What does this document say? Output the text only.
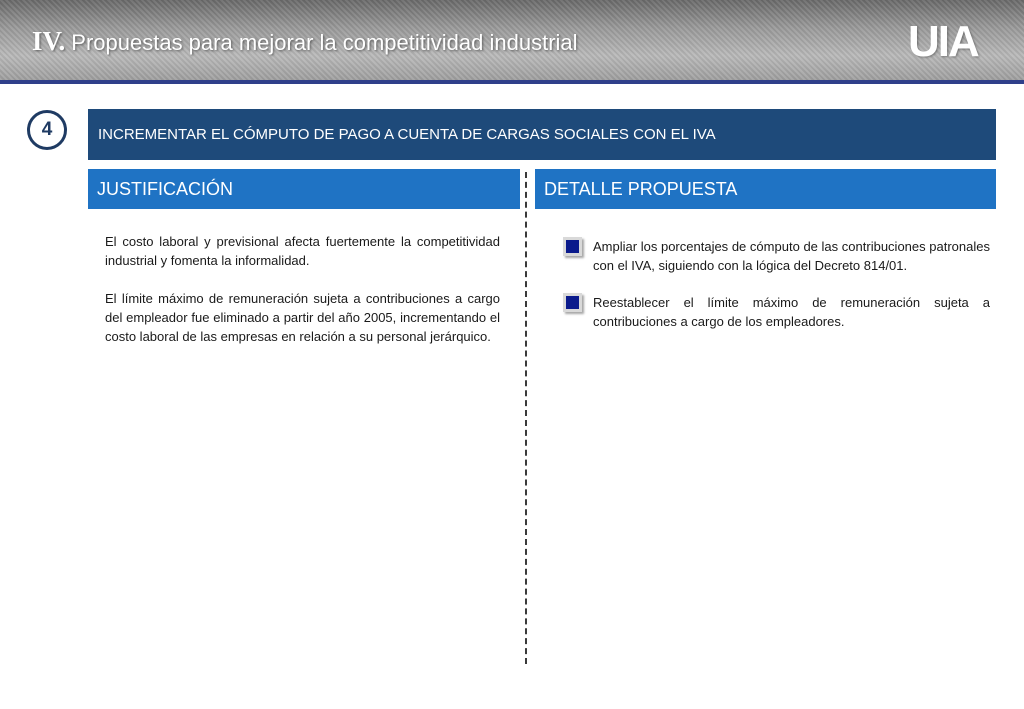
IV. Propuestas para mejorar la competitividad industrial	UIA
4	INCREMENTAR EL CÓMPUTO DE PAGO A CUENTA DE CARGAS SOCIALES CON EL IVA
JUSTIFICACIÓN	DETALLE PROPUESTA

El costo laboral y previsional afecta fuertemente la competitividad industrial y fomenta la informalidad.

El límite máximo de remuneración sujeta a contribuciones a cargo del empleador fue eliminado a partir del año 2005, incrementando el costo laboral de las empresas en relación a su personal jerárquico.

Ampliar los porcentajes de cómputo de las contribuciones patronales con el IVA, siguiendo con la lógica del Decreto 814/01.
Reestablecer el límite máximo de remuneración sujeta a contribuciones a cargo de los empleadores.
